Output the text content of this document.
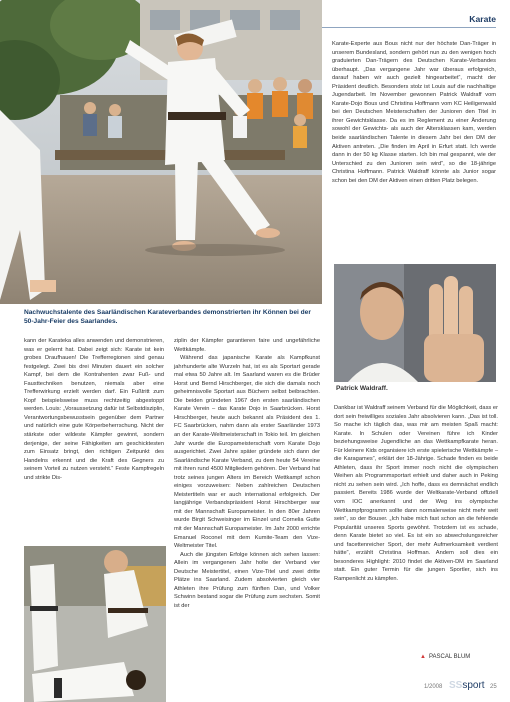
Karate
Nachwuchstalente des Saarländischen Karateverbandes demonstrierten ihr Können bei der 50-Jahr-Feier des Saarlandes.

kann der Karateka alles anwenden und demonstrieren, was er gelernt hat. Dabei zeigt sich: Karate ist kein grobes Draufhauen! Die Trefferregionen sind genau festgelegt. Zwei bis drei Minuten dauert ein solcher Kampf, bei dem die Kontrahenten zwar Fuß- und Fausttechniken benutzen, niemals aber eine Trefferwirkung erzielt werden darf. Ein Fußtritt zum Kopf beispielsweise muss rechtzeitig abgestoppt werden. Louis: „Voraussetzung dafür ist Selbstdisziplin, Verantwortungsbewusstsein gegenüber dem Partner und natürlich eine gute Körperbeherrschung. Nicht der stärkste oder wildeste Kämpfer gewinnt, sondern derjenige, der seine Fähigkeiten am geschicktesten zum Einsatz bringt, den richtigen Zeitpunkt des Handelns erkennt und die Kraft des Gegners zu seinem Vorteil zu nutzen versteht.“ Feste Kampfregeln und strikte Dis-

ziplin der Kämpfer garantieren faire und ungefährliche Wettkämpfe.

Während das japanische Karate als Kampfkunst jahrhunderte alte Wurzeln hat, ist es als Sportart gerade mal etwa 50 Jahre alt. Im Saarland waren es die Brüder Horst und Bernd Hirschberger, die sich die damals noch geheimnisvolle Sportart aus Büchern selbst beibrachten. Die beiden gründeten 1967 den ersten saarländischen Karate Verein – das Karate Dojo in Saarbrücken. Horst Hirschberger, heute auch bekannt als Präsident des 1. FC Saarbrücken, nahm dann als erster Saarländer 1973 an der Karate-Weltmeisterschaft in Tokio teil. Im gleichen Jahr wurde die Europameisterschaft vom Karate Dojo ausgerichtet. Zwei Jahre später gründete sich dann der Saarländische Karate Verband, zu dem heute 54 Vereine mit ihren rund 4500 Mitgliedern gehören. Der Verband hat trotz seines jungen Alters im Bereich Wettkampf schon einiges vorzuweisen: Neben zahlreichen Deutschen Meistertiteln war er auch international erfolgreich. Der langjährige Verbandspräsident Horst Hirschberger war mit der Mannschaft Europameister. In den 80er Jahren wurde Birgit Schweisinger im Einzel und Cornelia Gutte mit der Mannschaft Europameister. Im Jahr 2000 errichte Emanuel Roconel mit dem Kumite-Team den Vize-Weltmeister Titel.

Auch die jüngsten Erfolge können sich sehen lassen: Allein im vergangenen Jahr holte der Verband vier Deutsche Meistertitel, einen Vize-Titel und zwei dritte Plätze ins Saarland. Zudem absolvierten gleich vier Athleten ihre Prüfung zum fünften Dan, und Volker Schwinn bestand sogar die Prüfung zum sechsten. Somit ist der

Karate-Experte aus Bous nicht nur der höchste Dan-Träger in unserem Bundesland, sondern gehört nun zu den wenigen hoch graduierten Dan-Trägern des Deutschen Karate-Verbandes überhaupt. „Das vergangene Jahr war überaus erfolgreich, darauf haben wir auch gezielt hingearbeitet“, macht der Präsident deutlich. Besonders stolz ist Louis auf die nachhaltige Jugendarbeit. Im November gewonnen Patrick Waldraff vom Karate-Dojo Bous und Christina Hoffmann vom KC Heiligenwald bei den Deutschen Meisterschaften der Junioren den Titel in ihrer Gewichtsklasse. Da es im Reglement zu einer Änderung sowohl der Gewichts- als auch der Altersklassen kam, werden beide saarländischen Talente in diesem Jahr bei den DM der Aktiven antreten. „Die finden im April in Erfurt statt. Ich werde dann in der 50 kg Klasse starten. Ich bin mal gespannt, wie der Unterschied zu den Junioren sein wird“, so die 18-jährige Christina Hoffmann. Patrick Waldraff könnte als Junior sogar schon bei den DM der Aktiven einen dritten Platz belegen.

Patrick Waldraff.

Dankbar ist Waldraff seinem Verband für die Möglichkeit, dass er dort sein freiwilliges soziales Jahr absolvieren kann. „Das ist toll. So mache ich täglich das, was mir am meisten Spaß macht: Karate. In Schulen oder Vereinen führe ich Kinder beziehungsweise Jugendliche an das Wettkampfkarate heran. Für kleinere Kids organisiere ich erste spielerische Wettkämpfe – die Karagames“, erklärt der 18-Jährige. Schade finden es beide Athleten, dass ihr Sport immer noch nicht die olympischen Weihen als Programmsportart erhielt und daher auch in Peking nicht zu sehen sein wird. „Ich hoffe, dass es demnächst endlich passiert. Bereits 1986 wurde der Weltkarate-Verband offiziell vom IOC anerkannt und der Weg ins olympische Wettkampfprogramm sollte dann normalerweise nicht mehr weit sein“, so der Bouser. „Ich habe mich fast schon an die fehlende Popularität unseres Sports gewöhnt. Trotzdem ist es schade, denn Karate bietet so viel. Es ist ein so abwechslungsreicher und facettenreicher Sport, der mehr Aufmerksamkeit verdient hätte“, erzählt Christina Hoffman. Andem soll dies ein besonderes Highlight: 2010 findet die Aktiven-DM im Saarland statt. Ein guter Termin für die jungen Sportler, sich ins Rampenlicht zu kämpfen.

▲ PASCAL BLUM
1/2008 SSsport 25
